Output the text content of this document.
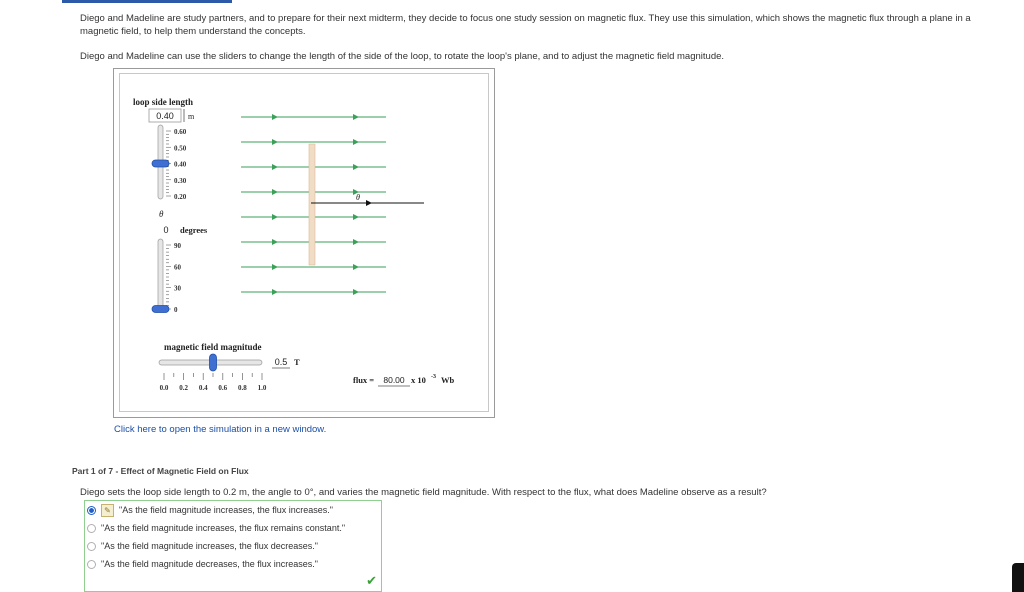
Diego and Madeline are study partners, and to prepare for their next midterm, they decide to focus one study session on magnetic flux. They use this simulation, which shows the magnetic flux through a plane in a magnetic field, to help them understand the concepts.
Diego and Madeline can use the sliders to change the length of the side of the loop, to rotate the loop's plane, and to adjust the magnetic field magnitude.
loop side length
0.40 m
0.60
0.50
0.40
0.30
0.20
θ
0 degrees
90
60
30
0
θ
magnetic field magnitude
0.5 T
0.0 0.2 0.4 0.6 0.8 1.0
flux = 80.00 x 10 -3 Wb
Click here to open the simulation in a new window.
Part 1 of 7 - Effect of Magnetic Field on Flux
Diego sets the loop side length to 0.2 m, the angle to 0°, and varies the magnetic field magnitude. With respect to the flux, what does Madeline observe as a result?
✎ "As the field magnitude increases, the flux increases."
"As the field magnitude increases, the flux remains constant."
"As the field magnitude increases, the flux decreases."
"As the field magnitude decreases, the flux increases."
✔
